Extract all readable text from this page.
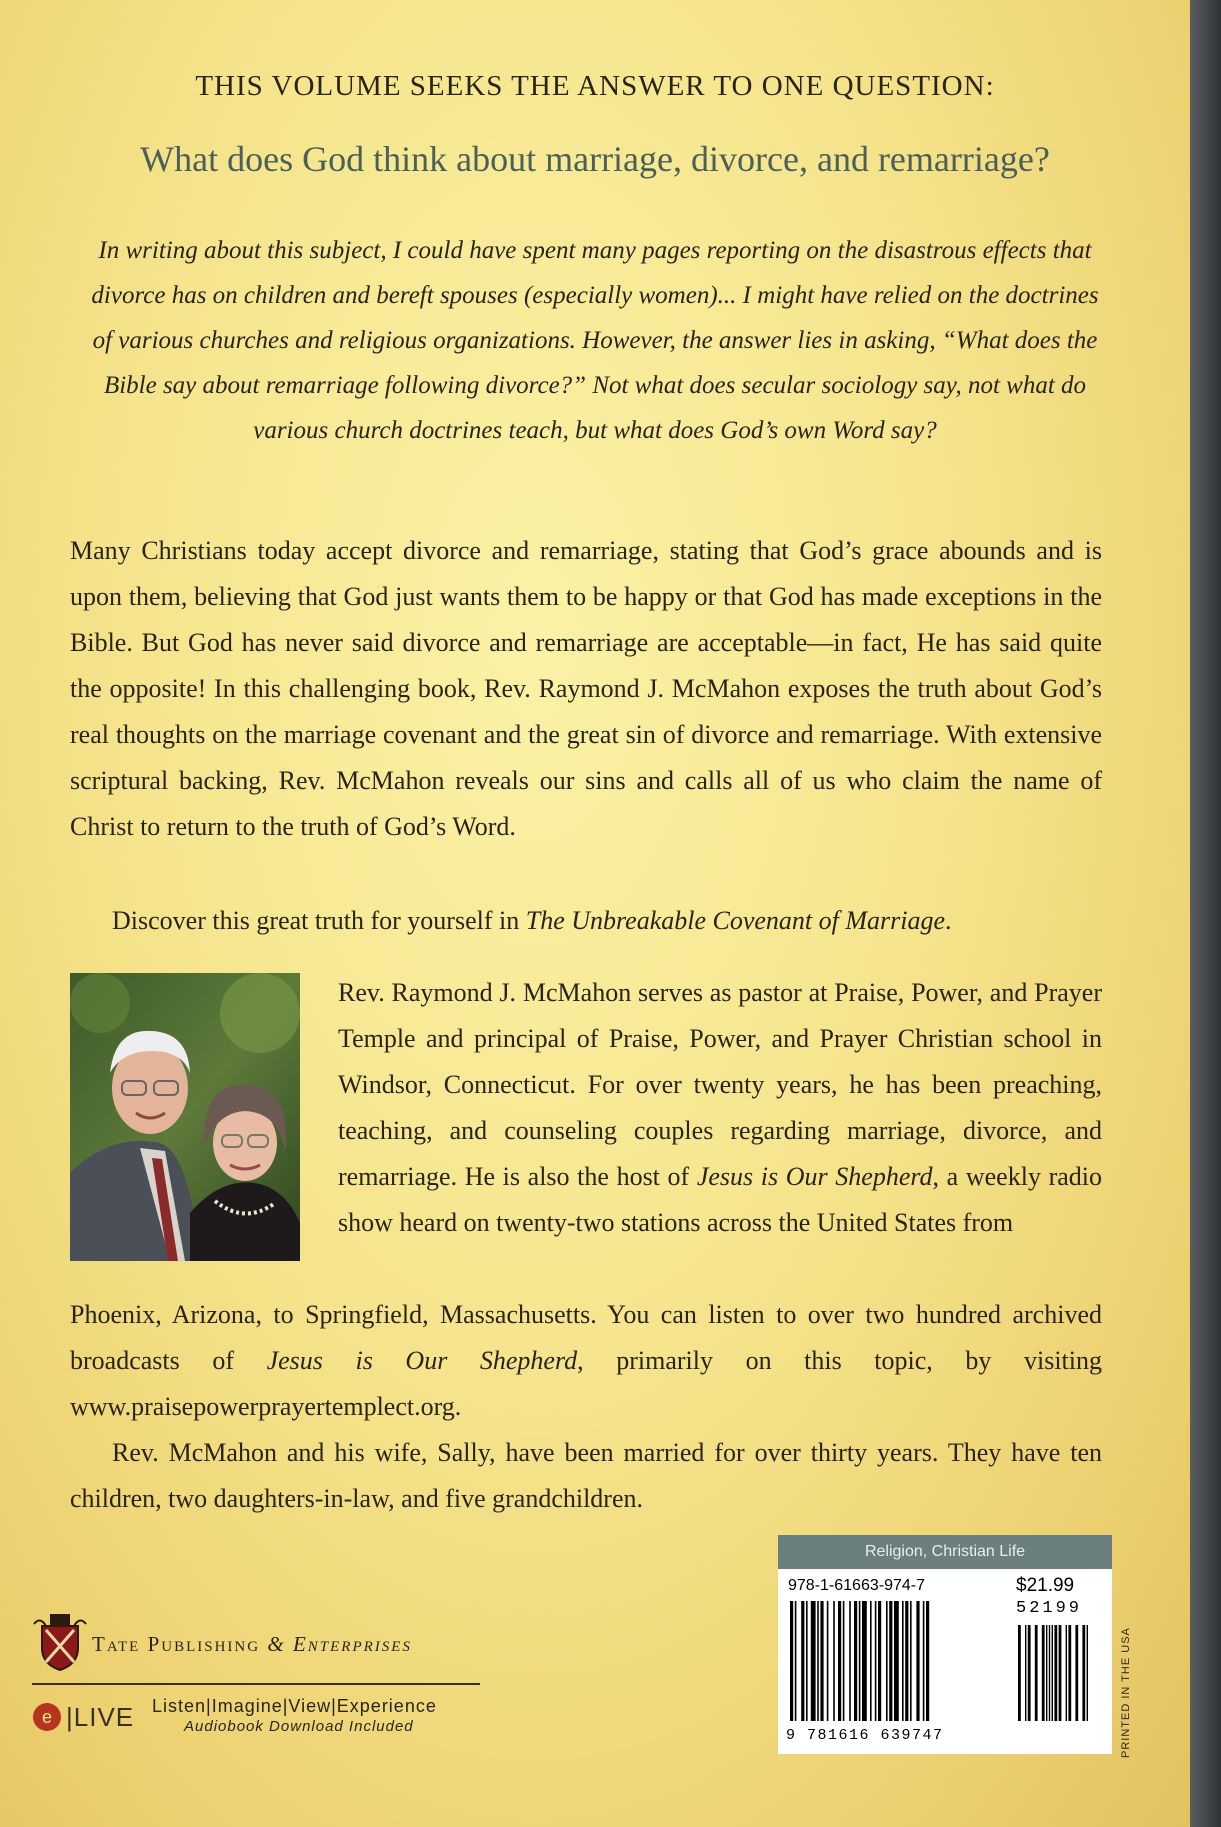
THIS VOLUME SEEKS THE ANSWER TO ONE QUESTION:
What does God think about marriage, divorce, and remarriage?
In writing about this subject, I could have spent many pages reporting on the disastrous effects that divorce has on children and bereft spouses (especially women)... I might have relied on the doctrines of various churches and religious organizations. However, the answer lies in asking, “What does the Bible say about remarriage following divorce?” Not what does secular sociology say, not what do various church doctrines teach, but what does God’s own Word say?

Many Christians today accept divorce and remarriage, stating that God’s grace abounds and is upon them, believing that God just wants them to be happy or that God has made exceptions in the Bible. But God has never said divorce and remarriage are acceptable—in fact, He has said quite the opposite! In this challenging book, Rev. Raymond J. McMahon exposes the truth about God’s real thoughts on the marriage covenant and the great sin of divorce and remarriage. With extensive scriptural backing, Rev. McMahon reveals our sins and calls all of us who claim the name of Christ to return to the truth of God’s Word.

Discover this great truth for yourself in The Unbreakable Covenant of Marriage.
Rev. Raymond J. McMahon serves as pastor at Praise, Power, and Prayer Temple and principal of Praise, Power, and Prayer Christian school in Windsor, Connecticut. For over twenty years, he has been preaching, teaching, and counseling couples regarding marriage, divorce, and remarriage. He is also the host of Jesus is Our Shepherd, a weekly radio show heard on twenty-two stations across the United States from
Phoenix, Arizona, to Springfield, Massachusetts. You can listen to over two hundred archived broadcasts of Jesus is Our Shepherd, primarily on this topic, by visiting www.praisepowerprayertemplect.org.
Rev. McMahon and his wife, Sally, have been married for over thirty years. They have ten children, two daughters-in-law, and five grandchildren.
Tate Publishing & Enterprises
e |LIVE Listen|Imagine|View|Experience
Audiobook Download Included
Religion, Christian Life
978-1-61663-974-7	$21.99
52199
9 781616 639747	PRINTED IN THE USA
